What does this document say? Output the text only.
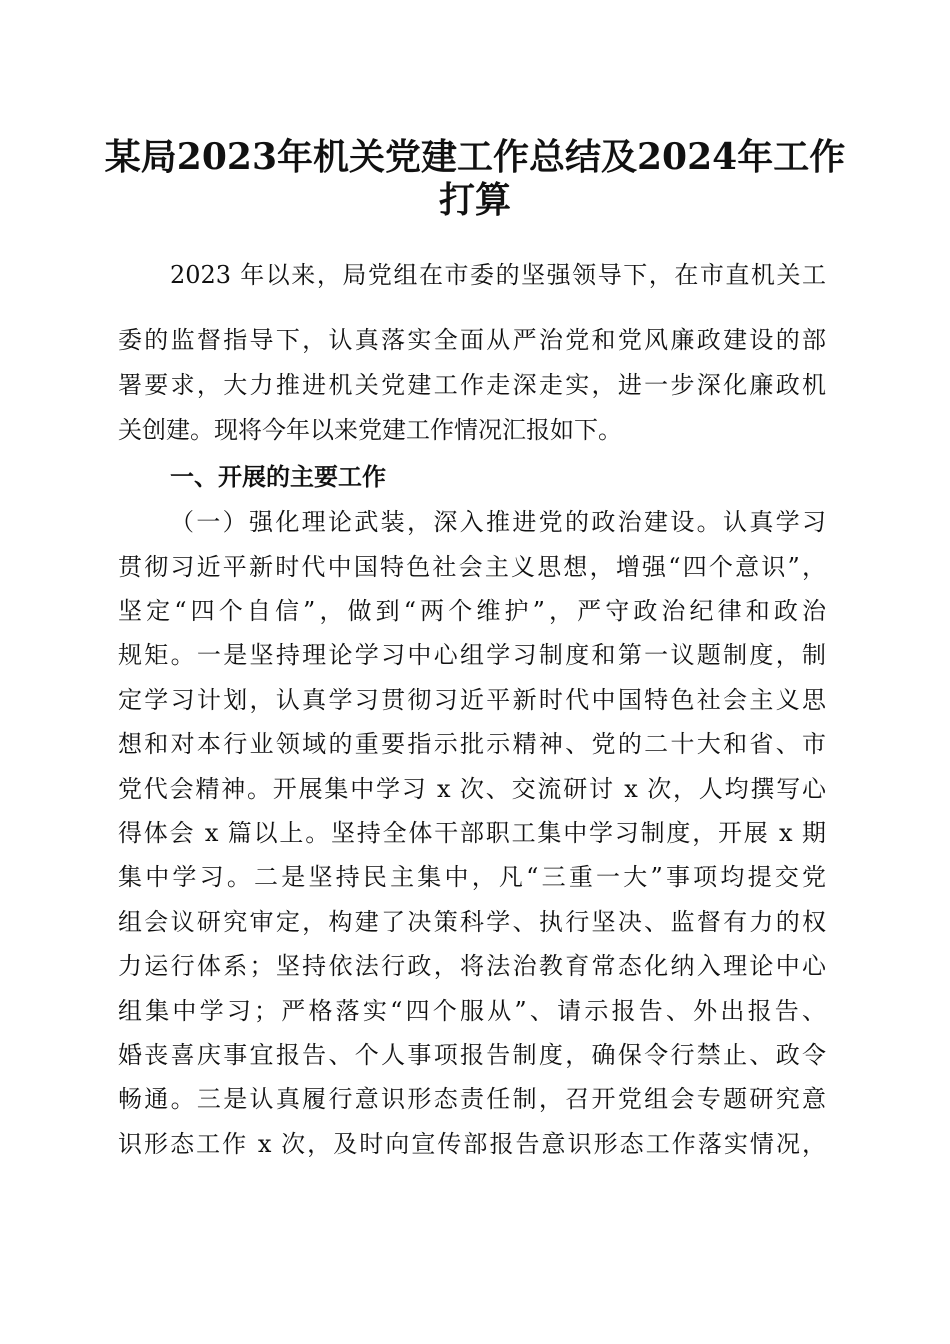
某局2023年机关党建工作总结及2024年工作
打算

2023 年以来，局党组在市委的坚强领导下，在市直机关工

委的监督指导下，认真落实全面从严治党和党风廉政建设的部

署要求，大力推进机关党建工作走深走实，进一步深化廉政机

关创建。现将今年以来党建工作情况汇报如下。

一、开展的主要工作

（一）强化理论武装，深入推进党的政治建设。认真学习

贯彻习近平新时代中国特色社会主义思想，增强“四个意识”，

坚定“四个自信”，做到“两个维护”，严守政治纪律和政治

规矩。一是坚持理论学习中心组学习制度和第一议题制度，制

定学习计划，认真学习贯彻习近平新时代中国特色社会主义思

想和对本行业领域的重要指示批示精神、党的二十大和省、市

党代会精神。开展集中学习 x 次、交流研讨 x 次，人均撰写心

得体会 x 篇以上。坚持全体干部职工集中学习制度，开展 x 期

集中学习。二是坚持民主集中，凡“三重一大”事项均提交党

组会议研究审定，构建了决策科学、执行坚决、监督有力的权

力运行体系；坚持依法行政，将法治教育常态化纳入理论中心

组集中学习；严格落实“四个服从”、请示报告、外出报告、

婚丧喜庆事宜报告、个人事项报告制度，确保令行禁止、政令

畅通。三是认真履行意识形态责任制，召开党组会专题研究意

识形态工作 x 次，及时向宣传部报告意识形态工作落实情况，
